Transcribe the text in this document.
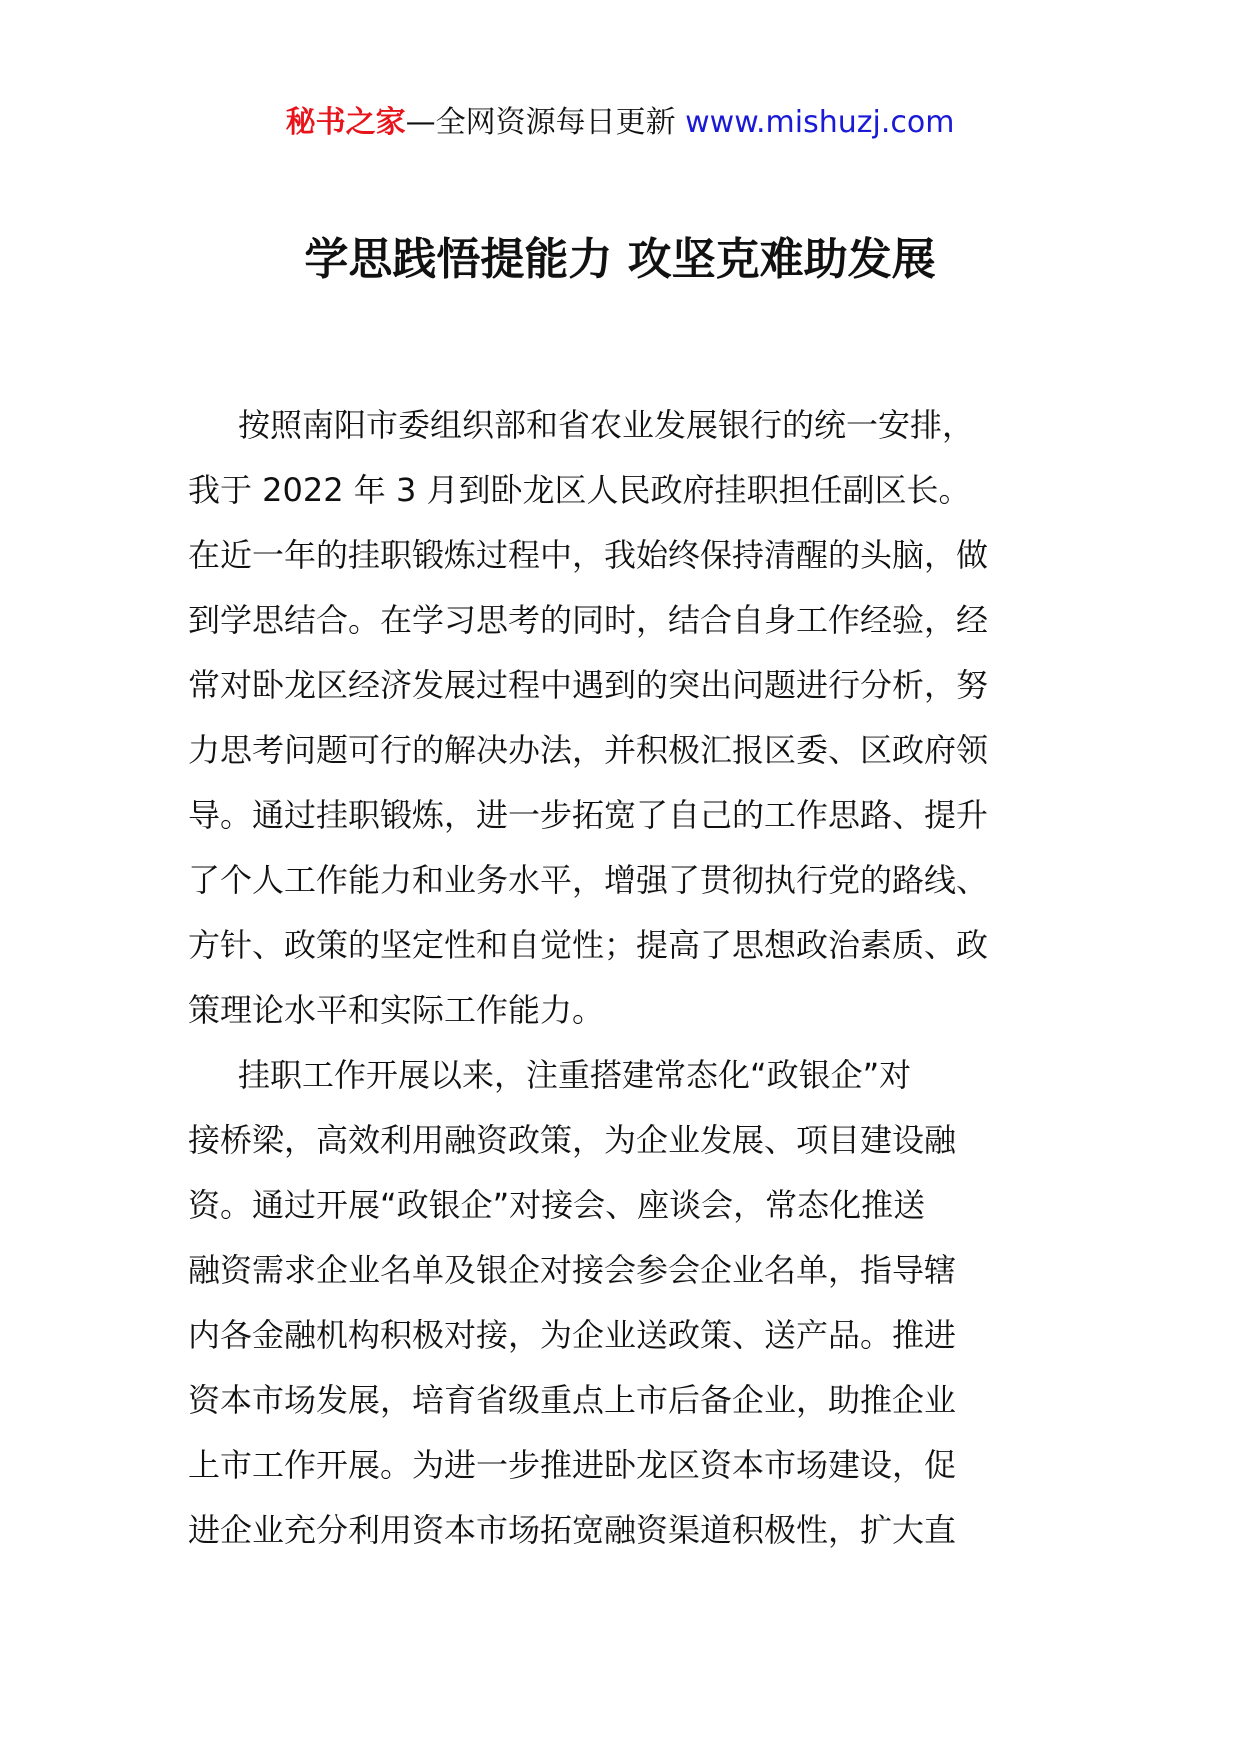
秘书之家—全网资源每日更新 www.mishuzj.com
学思践悟提能力 攻坚克难助发展
按照南阳市委组织部和省农业发展银行的统一安排，
我于 2022 年 3 月到卧龙区人民政府挂职担任副区长。
在近一年的挂职锻炼过程中，我始终保持清醒的头脑，做
到学思结合。在学习思考的同时，结合自身工作经验，经
常对卧龙区经济发展过程中遇到的突出问题进行分析，努
力思考问题可行的解决办法，并积极汇报区委、区政府领
导。通过挂职锻炼，进一步拓宽了自己的工作思路、提升
了个人工作能力和业务水平，增强了贯彻执行党的路线、
方针、政策的坚定性和自觉性；提高了思想政治素质、政
策理论水平和实际工作能力。
挂职工作开展以来，注重搭建常态化“政银企”对
接桥梁，高效利用融资政策，为企业发展、项目建设融
资。通过开展“政银企”对接会、座谈会，常态化推送
融资需求企业名单及银企对接会参会企业名单，指导辖
内各金融机构积极对接，为企业送政策、送产品。推进
资本市场发展，培育省级重点上市后备企业，助推企业
上市工作开展。为进一步推进卧龙区资本市场建设，促
进企业充分利用资本市场拓宽融资渠道积极性，扩大直
